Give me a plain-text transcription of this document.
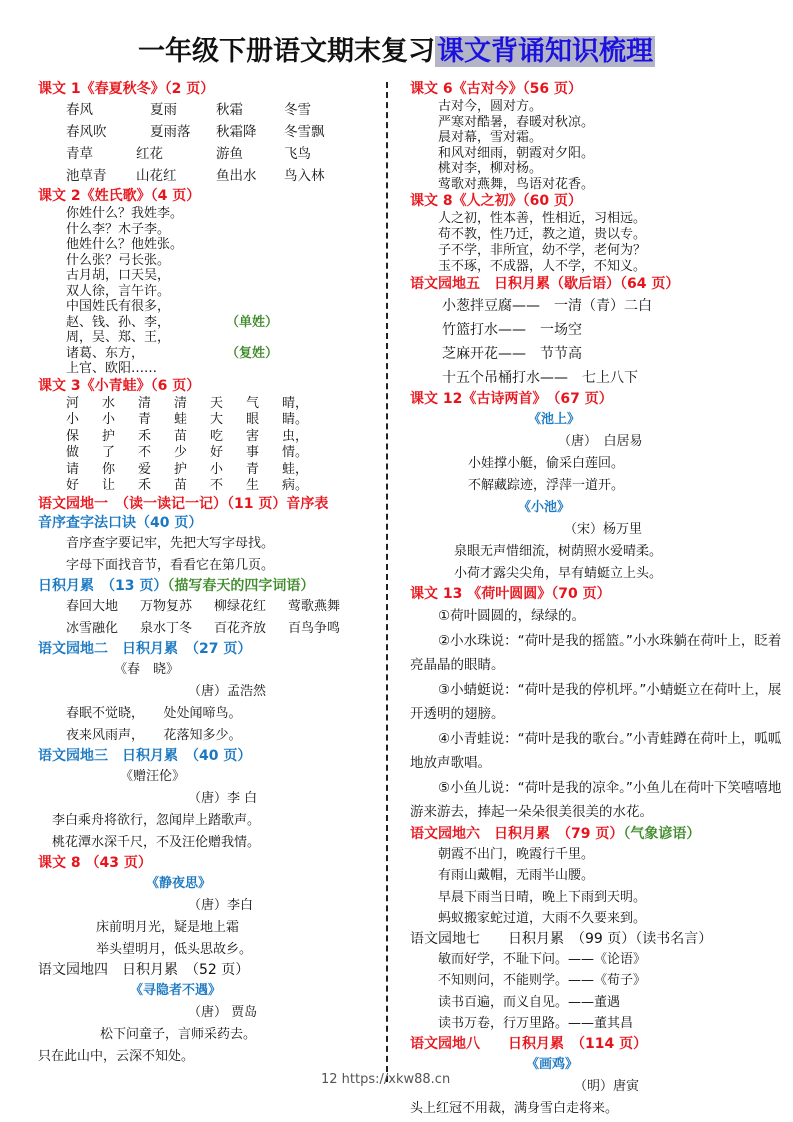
一年级下册语文期末复习课文背诵知识梳理
课文 1《春夏秋冬》（2 页）
春风	夏雨	秋霜	冬雪
春风吹	夏雨落	秋霜降	冬雪飘
青草	红花	游鱼	飞鸟
池草青	山花红	鱼出水	鸟入林
课文 2《姓氏歌》（4 页）
你姓什么？我姓李。
什么李？木子李。
他姓什么？他姓张。
什么张？弓长张。
古月胡，口天吴，
双人徐，言午许。
中国姓氏有很多，
赵、钱、孙、李，	（单姓）
周，吴、郑、王，
诸葛、东方，	（复姓）
上官、欧阳……
课文 3《小青蛙》（6 页）
河	水	清	清	天	气	晴，
小	小	青	蛙	大	眼	睛。
保	护	禾	苗	吃	害	虫，
做	了	不	少	好	事	情。
请	你	爱	护	小	青	蛙，
好	让	禾	苗	不	生	病。
语文园地一　（读一读记一记）（11 页）音序表
音序查字法口诀（40 页）
音序查字要记牢，先把大写字母找。
字母下面找音节，看看它在第几页。
日积月累　（13 页）（描写春天的四字词语）
春回大地	万物复苏	柳绿花红	莺歌燕舞
冰雪融化	泉水丁冬	百花齐放	百鸟争鸣
语文园地二　日积月累　（27 页）
《春　晓》
（唐）孟浩然
春眠不觉晓，　　处处闻啼鸟。
夜来风雨声，　　花落知多少。
语文园地三　日积月累　（40 页）
《赠汪伦》
（唐）李 白
李白乘舟将欲行，忽闻岸上踏歌声。
桃花潭水深千尺，不及汪伦赠我情。
课文 8 （43 页）
《静夜思》
（唐）李白
床前明月光，疑是地上霜
举头望明月，低头思故乡。
语文园地四　日积月累　（52 页）
《寻隐者不遇》
（唐） 贾岛
松下问童子，言师采药去。
只在此山中，云深不知处。
课文 6《古对今》（56 页）
古对今，圆对方。
严寒对酷暑，春暖对秋凉。
晨对幕，雪对霜。
和风对细雨，朝霞对夕阳。
桃对李，柳对杨。
莺歌对燕舞，鸟语对花香。
课文 8《人之初》（60 页）
人之初，性本善，性相近，习相远。
苟不教，性乃迁，教之道，贵以专。
子不学，非所宜，幼不学，老何为？
玉不琢，不成器，人不学，不知义。
语文园地五　日积月累（歇后语）（64 页）
小葱拌豆腐——　一清（青）二白
竹篮打水——　一场空
芝麻开花——　节节高
十五个吊桶打水——　七上八下
课文 12《古诗两首》　（67 页）
《池上》
（唐）　白居易
小娃撑小艇，偷采白莲回。
不解藏踪迹，浮萍一道开。
《小池》
（宋）杨万里
泉眼无声惜细流，树荫照水爱晴柔。
小荷才露尖尖角，早有蜻蜓立上头。
课文 13 《荷叶圆圆》（70 页）
①荷叶圆圆的，绿绿的。
②小水珠说：“荷叶是我的摇篮。”小水珠躺在荷叶上，眨着亮晶晶的眼睛。
③小蜻蜓说：“荷叶是我的停机坪。”小蜻蜓立在荷叶上，展开透明的翅膀。
④小青蛙说：“荷叶是我的歌台。”小青蛙蹲在荷叶上，呱呱地放声歌唱。
⑤小鱼儿说：“荷叶是我的凉伞。”小鱼儿在荷叶下笑嘻嘻地游来游去，捧起一朵朵很美很美的水花。
语文园地六　日积月累　（79 页）（气象谚语）
朝霞不出门，晚霞行千里。
有雨山戴帽，无雨半山腰。
早晨下雨当日晴，晚上下雨到天明。
蚂蚁搬家蛇过道，大雨不久要来到。
语文园地七　　日积月累　（99 页）（读书名言）
敏而好学，不耻下问。——《论语》
不知则问，不能则学。——《荀子》
读书百遍，而义自见。——董遇
读书万卷，行万里路。——董其昌
语文园地八　　日积月累　（114 页）
《画鸡》
（明）唐寅
头上红冠不用裁，满身雪白走将来。
12 https://xkw88.cn
